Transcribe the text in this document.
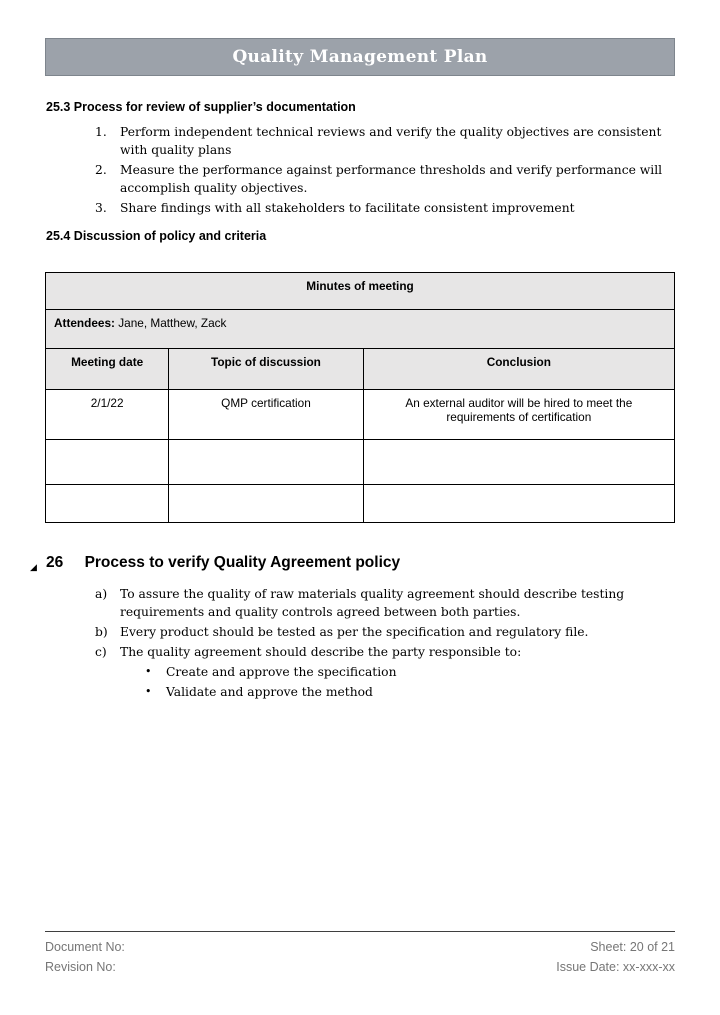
Quality Management Plan
25.3 Process for review of supplier’s documentation
1.	Perform independent technical reviews and verify the quality objectives are consistent with quality plans
2.	Measure the performance against performance thresholds and verify performance will accomplish quality objectives.
3.	Share findings with all stakeholders to facilitate consistent improvement
25.4 Discussion of policy and criteria
Minutes of meeting		
Attendees: Jane, Matthew, Zack		
Meeting date	Topic of discussion	Conclusion
2/1/22	QMP certification	An external auditor will be hired to meet the requirements of certification

◢ 26 Process to verify Quality Agreement policy
a)	To assure the quality of raw materials quality agreement should describe testing requirements and quality controls agreed between both parties.
b)	Every product should be tested as per the specification and regulatory file.
c)	The quality agreement should describe the party responsible to:
•	Create and approve the specification
•	Validate and approve the method
Document No:
Revision No:
Sheet: 20 of 21
Issue Date: xx-xxx-xx
